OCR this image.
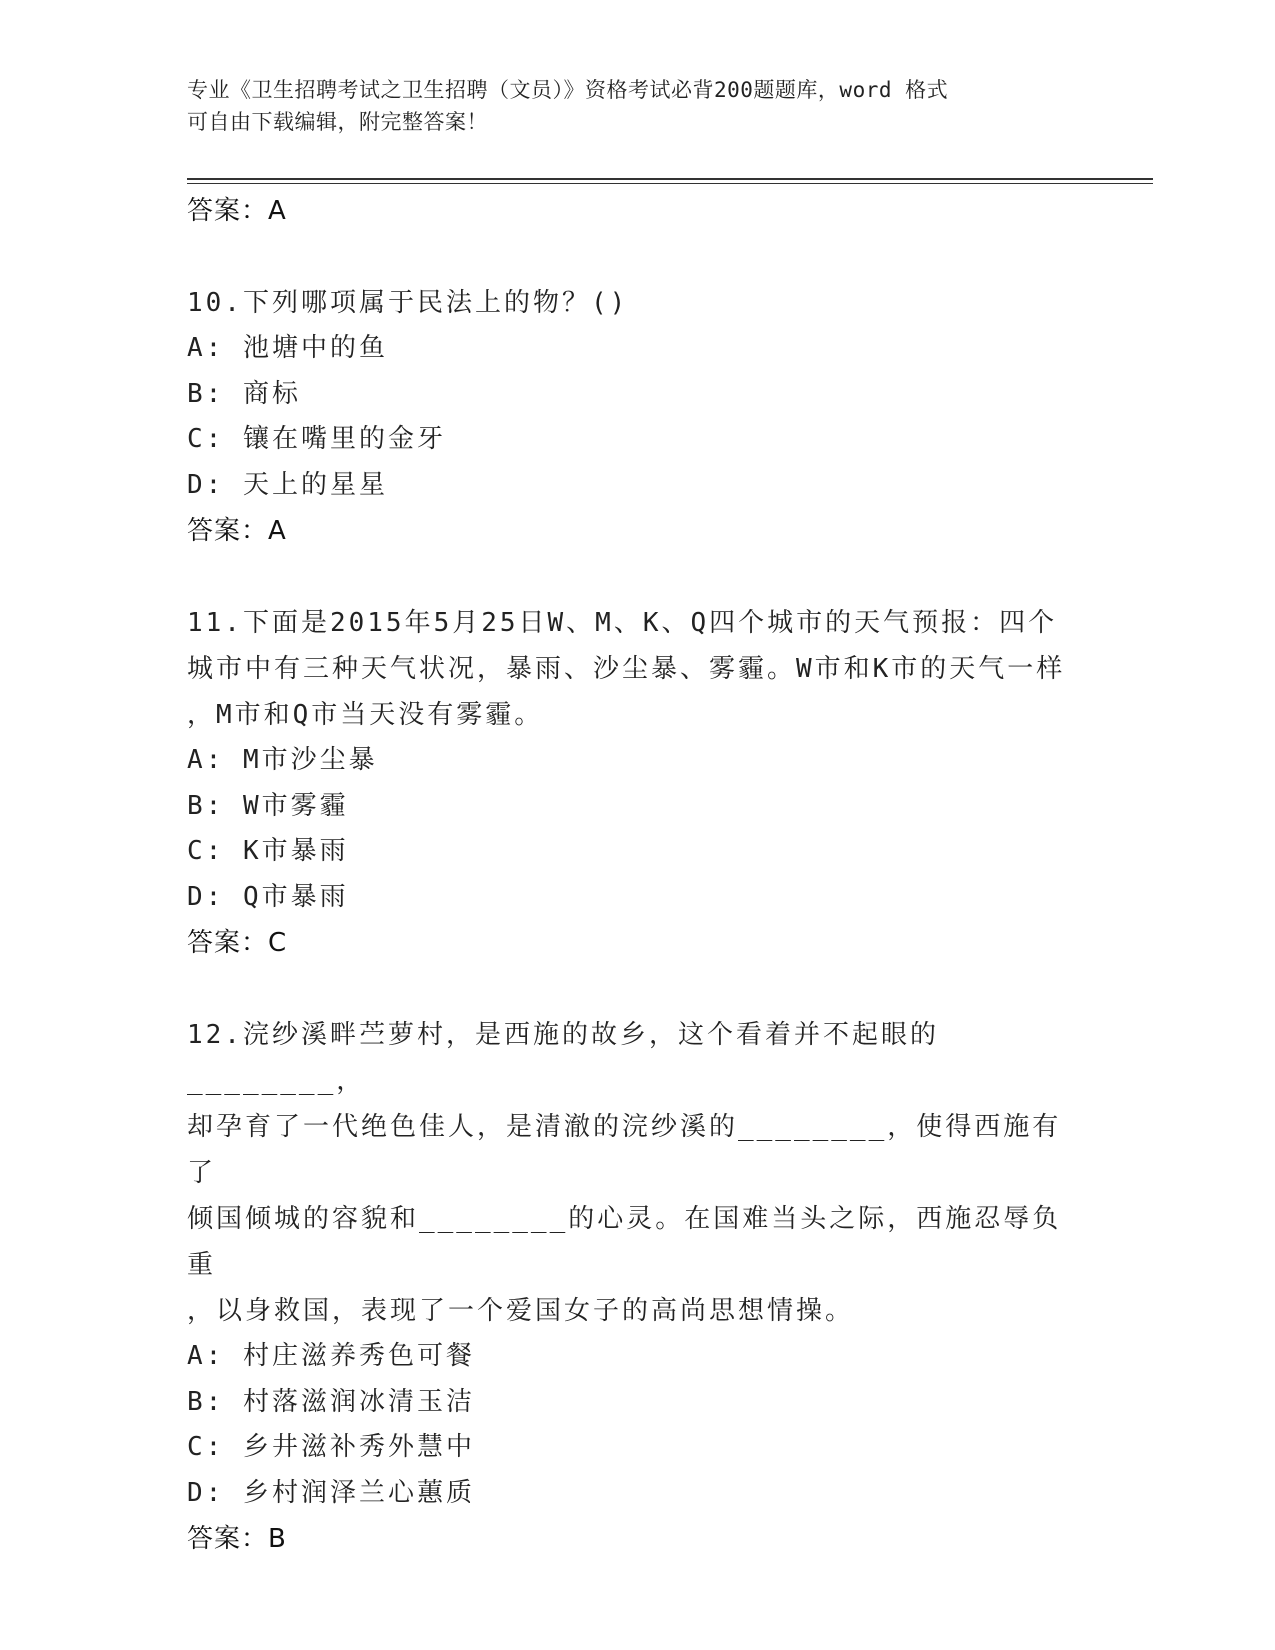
专业《卫生招聘考试之卫生招聘（文员）》资格考试必背200题题库，word 格式
可自由下载编辑，附完整答案！
答案：A
10.下列哪项属于民法上的物？()
A: 池塘中的鱼
B: 商标
C: 镶在嘴里的金牙
D: 天上的星星
答案：A
11.下面是2015年5月25日W、M、K、Q四个城市的天气预报：四个
城市中有三种天气状况，暴雨、沙尘暴、雾霾。W市和K市的天气一样
，M市和Q市当天没有雾霾。
A: M市沙尘暴
B: W市雾霾
C: K市暴雨
D: Q市暴雨
答案：C
12.浣纱溪畔苎萝村，是西施的故乡，这个看着并不起眼的________，
却孕育了一代绝色佳人，是清澈的浣纱溪的________，使得西施有了
倾国倾城的容貌和________的心灵。在国难当头之际，西施忍辱负重
，以身救国，表现了一个爱国女子的高尚思想情操。
A: 村庄滋养秀色可餐
B: 村落滋润冰清玉洁
C: 乡井滋补秀外慧中
D: 乡村润泽兰心蕙质
答案：B
